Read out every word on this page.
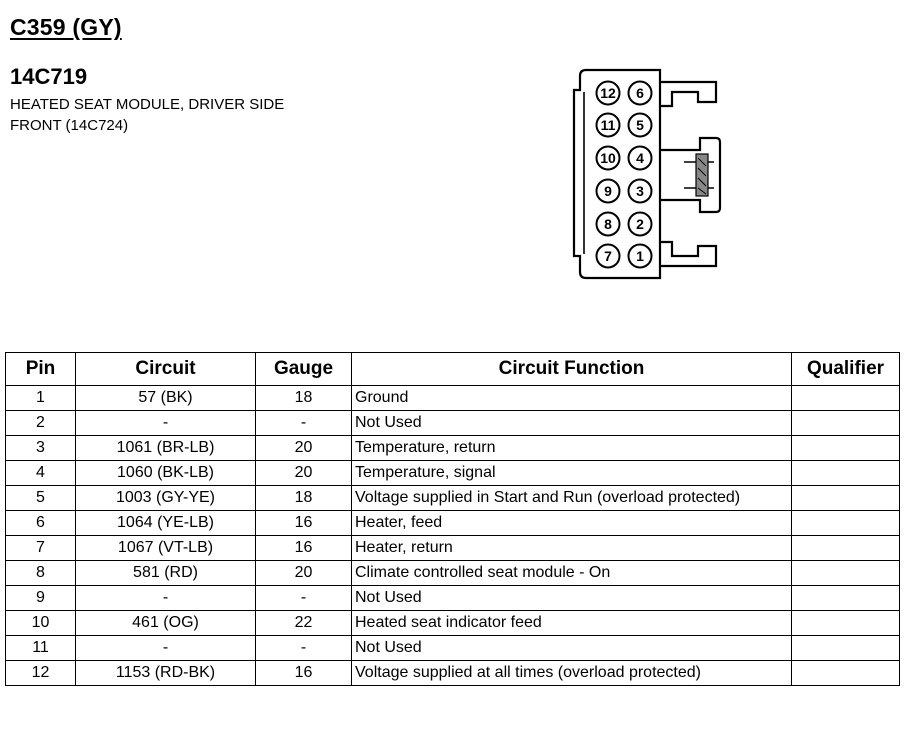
C359 (GY)
14C719
HEATED SEAT MODULE, DRIVER SIDE
FRONT (14C724)
12 6
11 5
10 4
9 3
8 2
7 1
Pin	Circuit	Gauge	Circuit Function	Qualifier
1	57 (BK)	18	Ground	
2	-	-	Not Used	
3	1061 (BR-LB)	20	Temperature, return	
4	1060 (BK-LB)	20	Temperature, signal	
5	1003 (GY-YE)	18	Voltage supplied in Start and Run (overload protected)	
6	1064 (YE-LB)	16	Heater, feed	
7	1067 (VT-LB)	16	Heater, return	
8	581 (RD)	20	Climate controlled seat module - On	
9	-	-	Not Used	
10	461 (OG)	22	Heated seat indicator feed	
11	-	-	Not Used	
12	1153 (RD-BK)	16	Voltage supplied at all times (overload protected)	
